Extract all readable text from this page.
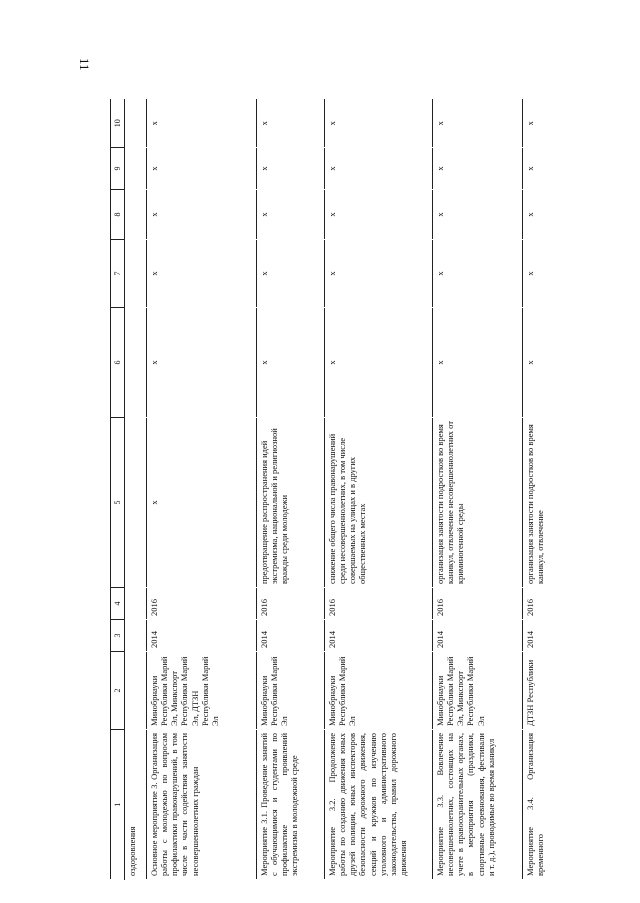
11
1	2	3	4	5	6	7	8	9	10
оздоровления									
Основное мероприятие 3. Организация работы с молодежью по вопросам профилактики правонарушений, в том числе в части содействия занятости несовершеннолетних граждан	Минобрнауки Республики Марий Эл, Минкспорт Республики Марий Эл, ДТЗН Республики Марий Эл	2014	2016	х	х	х	х	х	х
Мероприятие 3.1. Проведение занятий с обучающимися и студентами по профилактике проявлений экстремизма в молодежной среде	Минобрнауки Республики Марий Эл	2014	2016	предотвращение распространения идей экстремизма, национальной и религиозной вражды среди молодежи	х	х	х	х	х
Мероприятие 3.2. Продолжение работы по созданию движения юных друзей полиции, юных инспекторов безопасности дорожного движения, секций и кружков по изучению уголовного и административного законодательства, правил дорожного движения	Минобрнауки Республики Марий Эл	2014	2016	снижение общего числа правонарушений среди несовершеннолетних, в том числе совершаемых на улицах и в других общественных местах	х	х	х	х	х
Мероприятие 3.3. Вовлечение несовершеннолетних, состоящих на учете в правоохранительных органах, в мероприятия (праздники, спортивные соревнования, фестивали и т. д.), проводимые во время каникул	Минобрнауки Республики Марий Эл, Минкспорт Республики Марий Эл	2014	2016	организация занятости подростков во время каникул, отвлечение несовершеннолетних от криминогенной среды	х	х	х	х	х
Мероприятие 3.4. Организация временного	ДТЗН Республики	2014	2016	организация занятости подростков во время каникул, отвлечение	х	х	х	х	х
